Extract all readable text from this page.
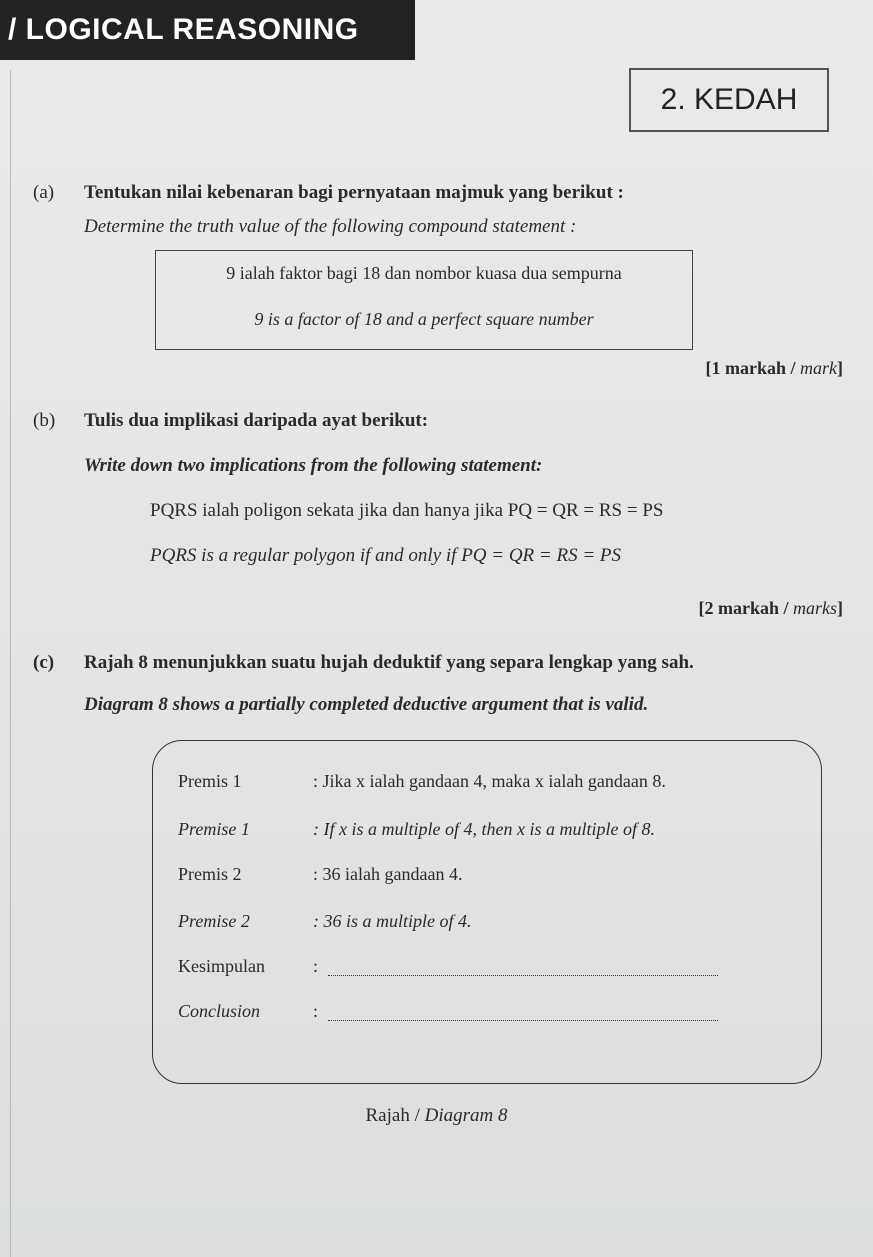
/ LOGICAL REASONING
2. KEDAH
(a) Tentukan nilai kebenaran bagi pernyataan majmuk yang berikut :
Determine the truth value of the following compound statement :
9 ialah faktor bagi 18 dan nombor kuasa dua sempurna
9 is a factor of 18 and a perfect square number
[1 markah / mark]
(b) Tulis dua implikasi daripada ayat berikut:
Write down two implications from the following statement:
PQRS ialah poligon sekata jika dan hanya jika PQ = QR = RS = PS
PQRS is a regular polygon if and only if PQ = QR = RS = PS
[2 markah / marks]
(c) Rajah 8 menunjukkan suatu hujah deduktif yang separa lengkap yang sah.
Diagram 8 shows a partially completed deductive argument that is valid.
Premis 1	: Jika x ialah gandaan 4, maka x ialah gandaan 8.
Premise 1	: If x is a multiple of 4, then x is a multiple of 8.
Premis 2	: 36 ialah gandaan 4.
Premise 2	: 36 is a multiple of 4.
Kesimpulan	:
Conclusion	:
Rajah / Diagram 8
